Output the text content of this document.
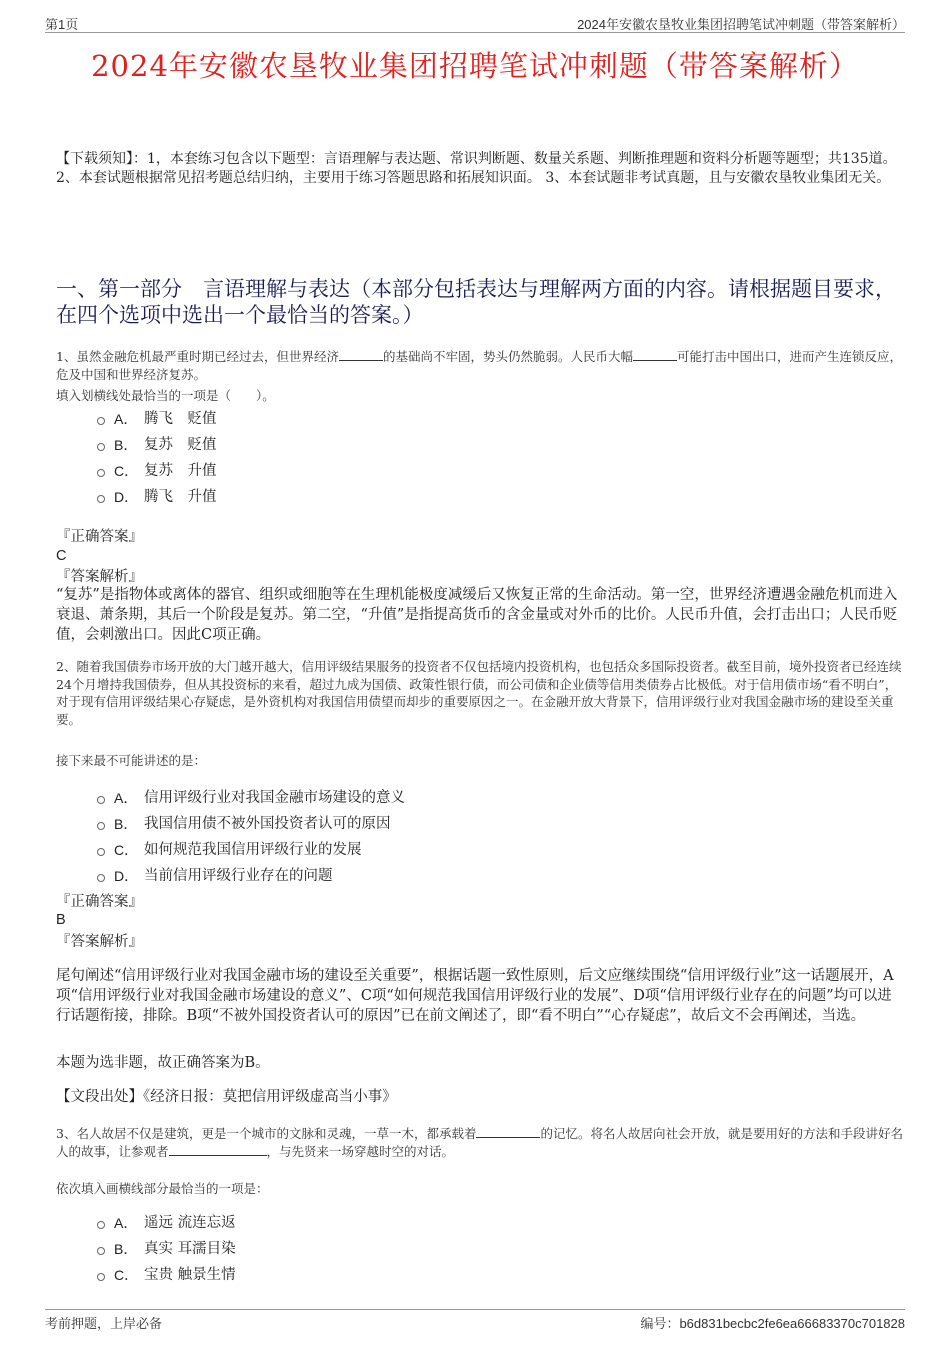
第1页	2024年安徽农垦牧业集团招聘笔试冲刺题（带答案解析）
2024年安徽农垦牧业集团招聘笔试冲刺题（带答案解析）
【下载须知】：1，本套练习包含以下题型：言语理解与表达题、常识判断题、数量关系题、判断推理题和资料分析题等题型；共135道。 2、本套试题根据常见招考题总结归纳，主要用于练习答题思路和拓展知识面。 3、本套试题非考试真题，且与安徽农垦牧业集团无关。
一、第一部分　言语理解与表达（本部分包括表达与理解两方面的内容。请根据题目要求，在四个选项中选出一个最恰当的答案。）
1、虽然金融危机最严重时期已经过去，但世界经济	的基础尚不牢固，势头仍然脆弱。人民币大幅	可能打击中国出口，进而产生连锁反应，危及中国和世界经济复苏。
填入划横线处最恰当的一项是（　　）。
A． 腾飞　贬值
B． 复苏　贬值
C． 复苏　升值
D． 腾飞　升值
『正确答案』
C
『答案解析』
“复苏”是指物体或离体的器官、组织或细胞等在生理机能极度减缓后又恢复正常的生命活动。第一空，世界经济遭遇金融危机而进入衰退、萧条期，其后一个阶段是复苏。第二空，“升值”是指提高货币的含金量或对外币的比价。人民币升值，会打击出口；人民币贬值，会刺激出口。因此C项正确。
2、随着我国债券市场开放的大门越开越大，信用评级结果服务的投资者不仅包括境内投资机构，也包括众多国际投资者。截至目前，境外投资者已经连续24个月增持我国债券，但从其投资标的来看，超过九成为国债、政策性银行债，而公司债和企业债等信用类债券占比极低。对于信用债市场“看不明白”，对于现有信用评级结果心存疑虑，是外资机构对我国信用债望而却步的重要原因之一。在金融开放大背景下，信用评级行业对我国金融市场的建设至关重要。
接下来最不可能讲述的是：
A． 信用评级行业对我国金融市场建设的意义
B． 我国信用债不被外国投资者认可的原因
C． 如何规范我国信用评级行业的发展
D． 当前信用评级行业存在的问题
『正确答案』
B
『答案解析』
尾句阐述“信用评级行业对我国金融市场的建设至关重要”，根据话题一致性原则，后文应继续围绕“信用评级行业”这一话题展开，A项“信用评级行业对我国金融市场建设的意义”、C项“如何规范我国信用评级行业的发展”、D项“信用评级行业存在的问题”均可以进行话题衔接，排除。B项“不被外国投资者认可的原因”已在前文阐述了，即“看不明白”“心存疑虑”，故后文不会再阐述，当选。
本题为选非题，故正确答案为B。
【文段出处】《经济日报：莫把信用评级虚高当小事》
3、名人故居不仅是建筑，更是一个城市的文脉和灵魂，一草一木，都承载着	的记忆。将名人故居向社会开放，就是要用好的方法和手段讲好名人的故事，让参观者	，与先贤来一场穿越时空的对话。
依次填入画横线部分最恰当的一项是：
A． 遥远 流连忘返
B． 真实 耳濡目染
C． 宝贵 触景生情
考前押题，上岸必备	编号：b6d831becbc2fe6ea66683370c701828
